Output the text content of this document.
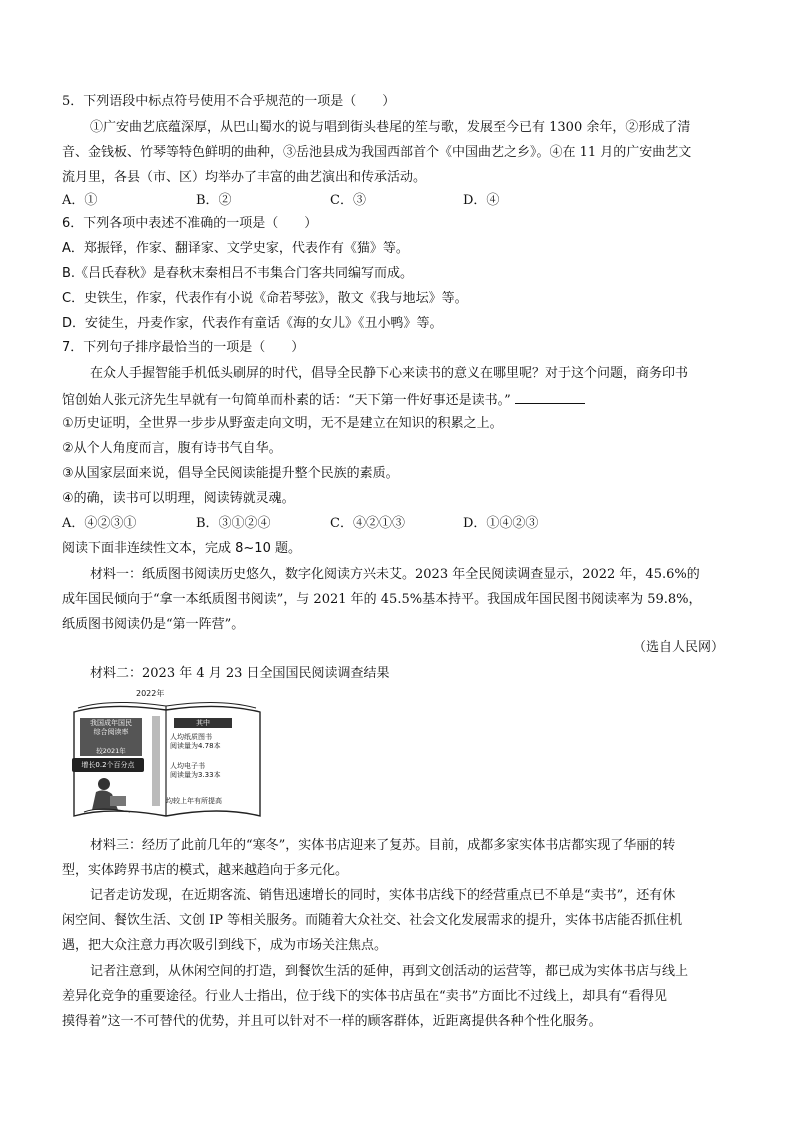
5．下列语段中标点符号使用不合乎规范的一项是（　　）
①广安曲艺底蕴深厚，从巴山蜀水的说与唱到街头巷尾的笙与歌，发展至今已有 1300 余年，②形成了清
音、金钱板、竹琴等特色鲜明的曲种，③岳池县成为我国西部首个《中国曲艺之乡》。④在 11 月的广安曲艺文
流月里，各县（市、区）均举办了丰富的曲艺演出和传承活动。
A．①	B．②	C．③	D．④
6．下列各项中表述不准确的一项是（　　）
A．郑振铎，作家、翻译家、文学史家，代表作有《猫》等。
B.《吕氏春秋》是春秋末秦相吕不韦集合门客共同编写而成。
C．史铁生，作家，代表作有小说《命若琴弦》，散文《我与地坛》等。
D．安徒生，丹麦作家，代表作有童话《海的女儿》《丑小鸭》等。
7．下列句子排序最恰当的一项是（　　）
在众人手握智能手机低头刷屏的时代，倡导全民静下心来读书的意义在哪里呢？对于这个问题，商务印书
馆创始人张元济先生早就有一句简单而朴素的话：“天下第一件好事还是读书。”
①历史证明，全世界一步步从野蛮走向文明，无不是建立在知识的积累之上。
②从个人角度而言，腹有诗书气自华。
③从国家层面来说，倡导全民阅读能提升整个民族的素质。
④的确，读书可以明理，阅读铸就灵魂。
A．④②③①	B．③①②④	C．④②①③	D．①④②③
阅读下面非连续性文本，完成 8~10 题。
材料一：纸质图书阅读历史悠久，数字化阅读方兴未艾。2023 年全民阅读调查显示，2022 年，45.6%的
成年国民倾向于“拿一本纸质图书阅读”，与 2021 年的 45.5%基本持平。我国成年国民图书阅读率为 59.8%，
纸质图书阅读仍是“第一阵营”。
（选自人民网）
材料二：2023 年 4 月 23 日全国国民阅读调查结果
2022年
我国成年国民
综合阅读率
较2021年
增长0.2个百分点
其中
人均纸质图书
阅读量为4.78本
人均电子书
阅读量为3.33本
均较上年有所提高
材料三：经历了此前几年的“寒冬”，实体书店迎来了复苏。目前，成都多家实体书店都实现了华丽的转
型，实体跨界书店的模式，越来越趋向于多元化。
记者走访发现，在近期客流、销售迅速增长的同时，实体书店线下的经营重点已不单是“卖书”，还有休
闲空间、餐饮生活、文创 IP 等相关服务。而随着大众社交、社会文化发展需求的提升，实体书店能否抓住机
遇，把大众注意力再次吸引到线下，成为市场关注焦点。
记者注意到，从休闲空间的打造，到餐饮生活的延伸，再到文创活动的运营等，都已成为实体书店与线上
差异化竞争的重要途径。行业人士指出，位于线下的实体书店虽在“卖书”方面比不过线上，却具有“看得见
摸得着”这一不可替代的优势，并且可以针对不一样的顾客群体，近距离提供各种个性化服务。
